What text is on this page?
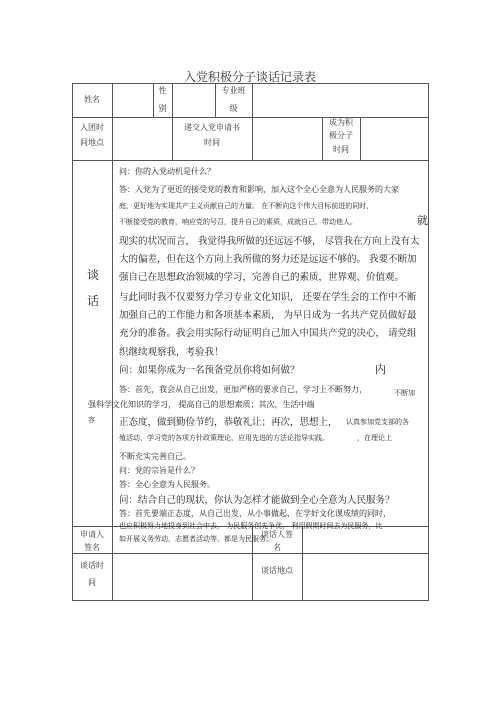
入党积极分子谈话记录表
姓名
性
别
专业班
级
入团时
间地点
递交入党申请书
时间
成为积
极分子
时间
谈
话
问：你的入党动机是什么？
答：入党为了更近的接受党的教育和影响，加入这个全心全意为人民服务的大家
庭，更好地为实现共产主义贡献自己的力量。 在不断向这个伟大目标前进的同时，
不断接受党的教育，响应党的号召，提升自己的素质，成就自己，带动他人。
现实的状况而言， 我觉得我所做的还远远不够， 尽管我在方向上没有太
大的偏差，但在这个方向上我所做的努力还是远远不够的。 我要不断加
强自己在思想政治领域的学习，完善自己的素质，世界观、价值观。
与此同时我不仅要努力学习专业文化知识， 还要在学生会的工作中不断
加强自己的工作能力和各项基本素质， 为早日成为一名共产党员做好最
充分的准备。我会用实际行动证明自己加入中国共产党的决心， 请党组
织继续观察我，考验我！
问：如果你成为一名预备党员你将如何做？
答：首先，我会从自己出发，更加严格的要求自己，学习上不断努力，
正态度，做到勤俭节约，恭敬礼让；再次，思想上，
殖活动，学习党的各项方针政策理论，应用先进的方法论指导实践。
不断充实完善自己。
问：党的宗旨是什么？
答：全心全意为人民服务。
问：结合自己的现状，你认为怎样才能做到全心全意为人民服务？
答：首先要端正态度，从自己出发，从小事做起，在学好文化课成绩的同时，
也应积极努力地投身到社会中去， 为民服务创先争优， 利用假期时间去为民服务，比
如开展义务劳动，志愿者活动等，都是为民服务。
就
内
不断加
强科学文化知识的学习， 提高自己的思想素质；其次，生活中端
认真参加党支部的各
，在理论上
容
申请人
签名
谈话人签
名
谈话时
间
谈话地点
